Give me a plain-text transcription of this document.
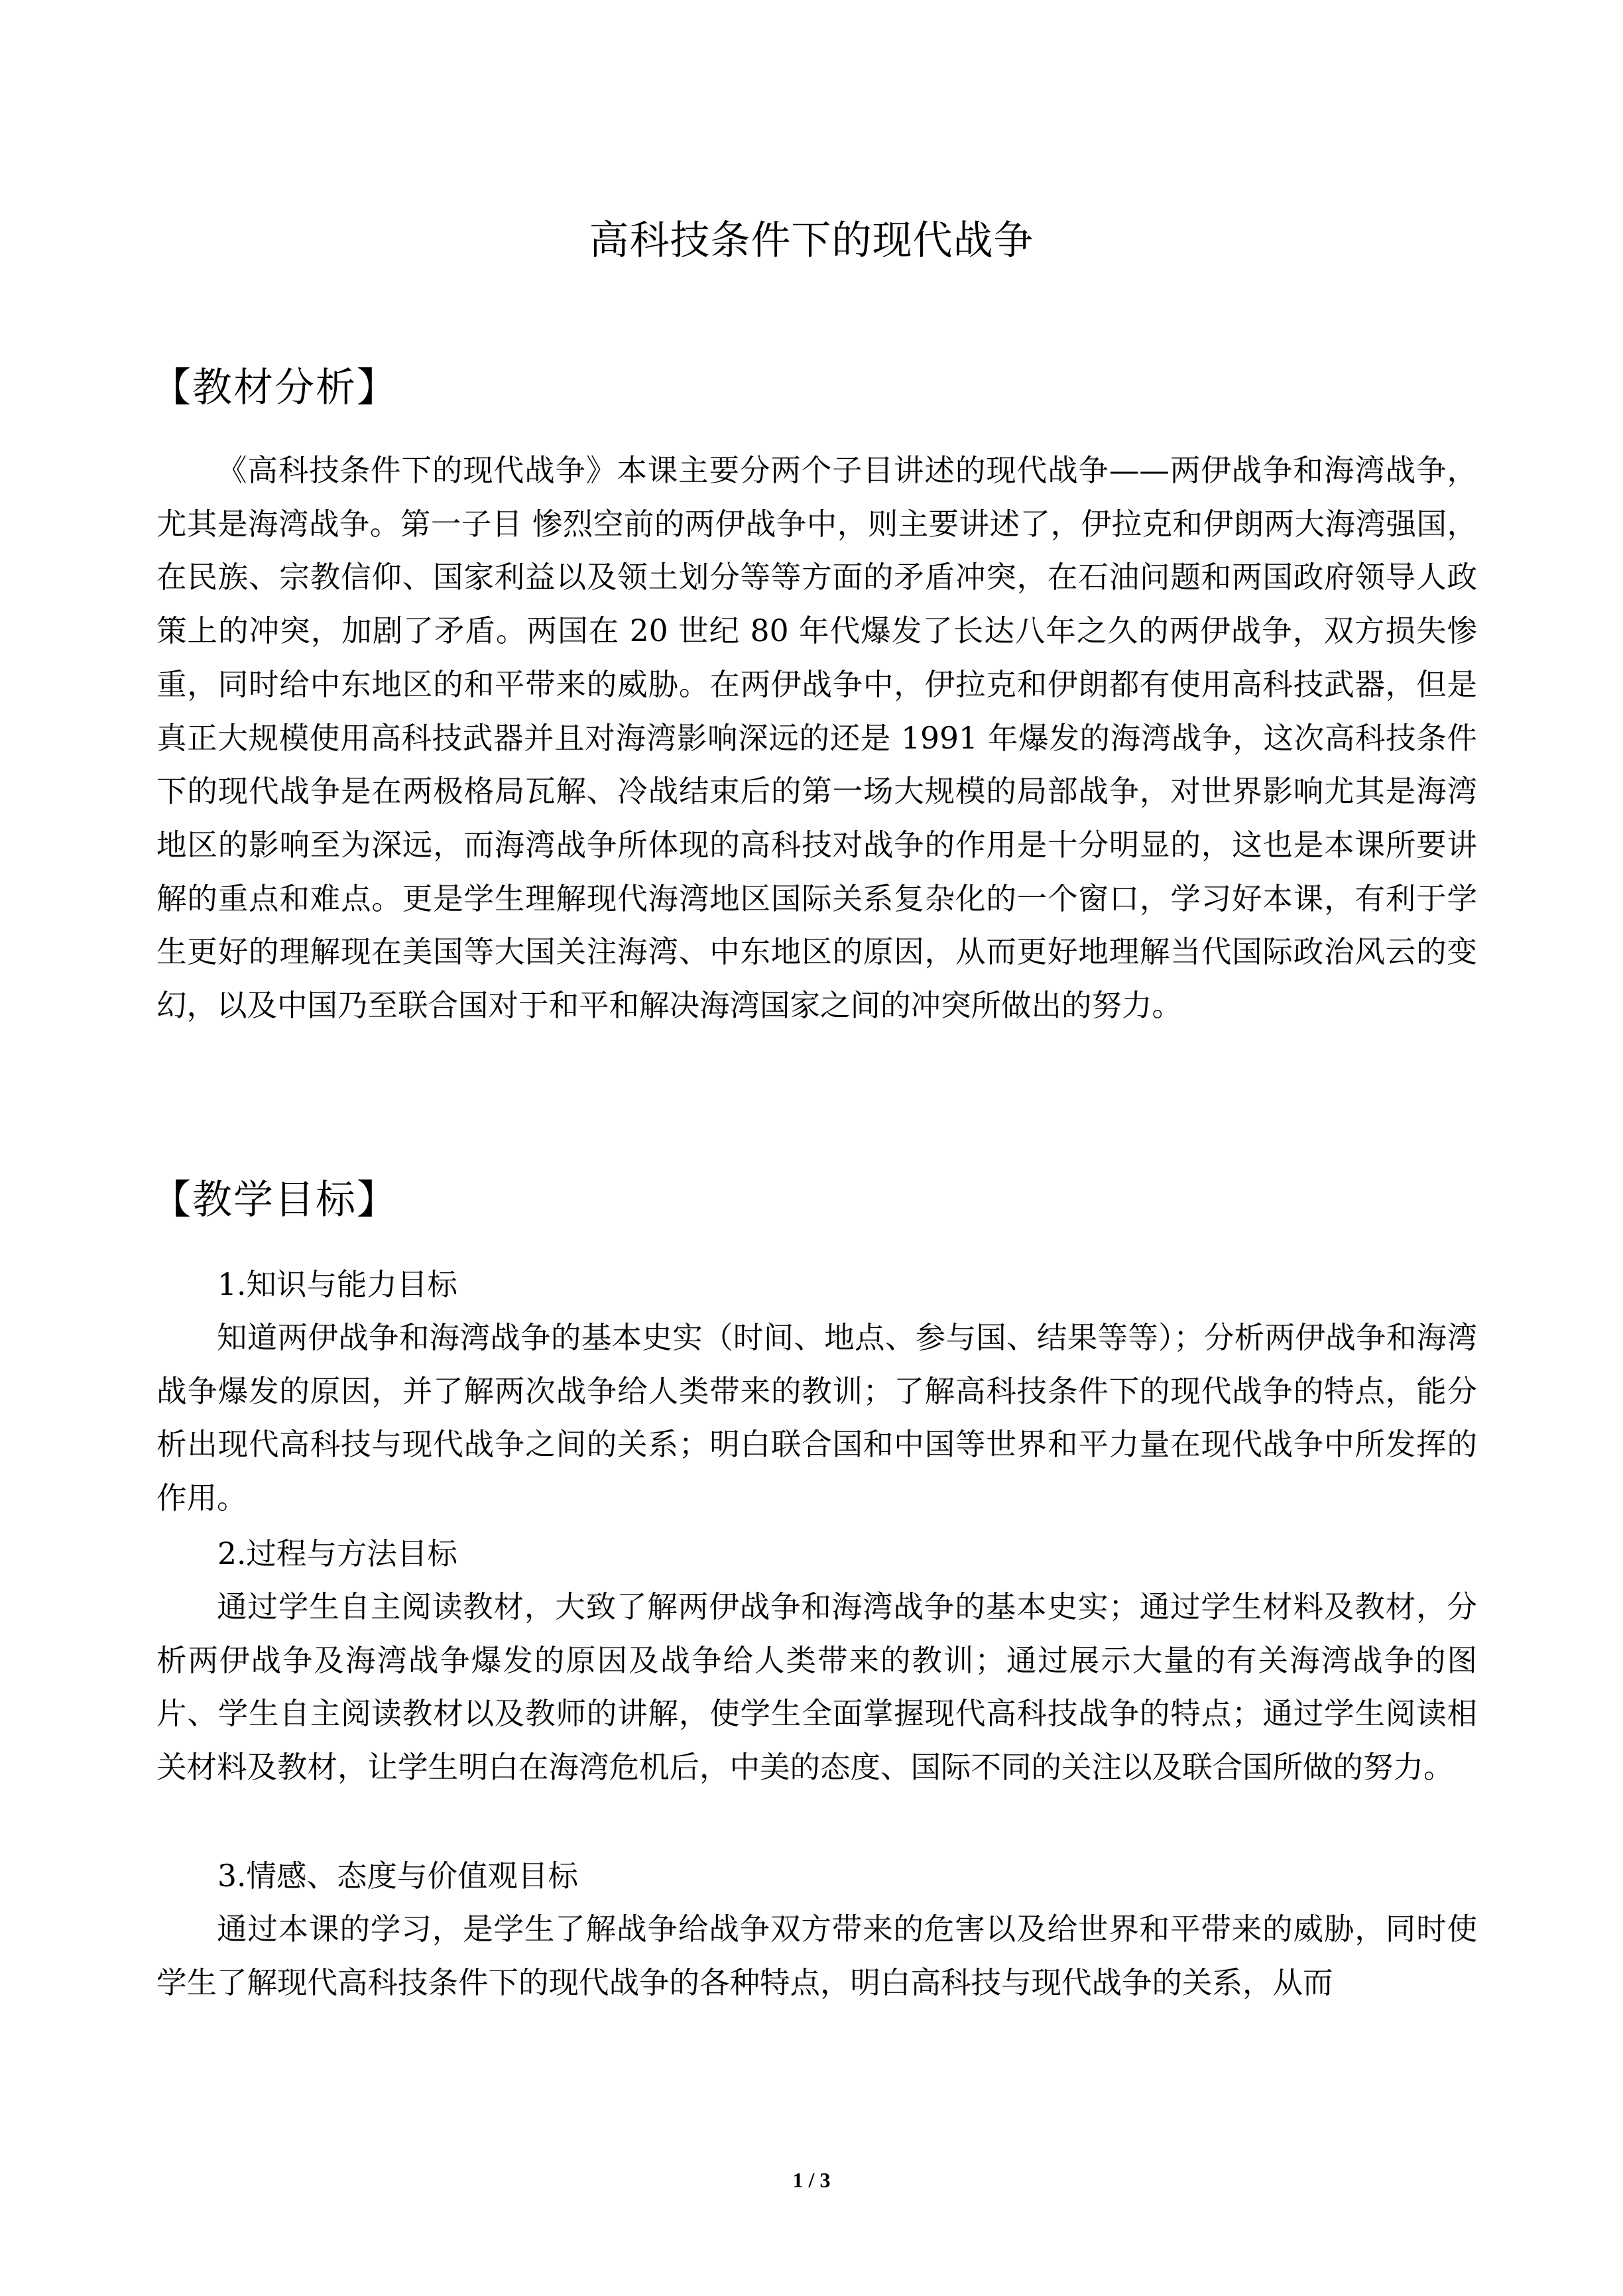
高科技条件下的现代战争
【教材分析】

《高科技条件下的现代战争》本课主要分两个子目讲述的现代战争——两伊战争和海湾战争，尤其是海湾战争。第一子目 惨烈空前的两伊战争中，则主要讲述了，伊拉克和伊朗两大海湾强国，在民族、宗教信仰、国家利益以及领土划分等等方面的矛盾冲突，在石油问题和两国政府领导人政策上的冲突，加剧了矛盾。两国在 20 世纪 80 年代爆发了长达八年之久的两伊战争，双方损失惨重，同时给中东地区的和平带来的威胁。在两伊战争中，伊拉克和伊朗都有使用高科技武器，但是真正大规模使用高科技武器并且对海湾影响深远的还是 1991 年爆发的海湾战争，这次高科技条件下的现代战争是在两极格局瓦解、冷战结束后的第一场大规模的局部战争，对世界影响尤其是海湾地区的影响至为深远，而海湾战争所体现的高科技对战争的作用是十分明显的，这也是本课所要讲解的重点和难点。更是学生理解现代海湾地区国际关系复杂化的一个窗口，学习好本课，有利于学生更好的理解现在美国等大国关注海湾、中东地区的原因，从而更好地理解当代国际政治风云的变幻，以及中国乃至联合国对于和平和解决海湾国家之间的冲突所做出的努力。

【教学目标】
1.知识与能力目标

知道两伊战争和海湾战争的基本史实（时间、地点、参与国、结果等等）；分析两伊战争和海湾战争爆发的原因，并了解两次战争给人类带来的教训；了解高科技条件下的现代战争的特点，能分析出现代高科技与现代战争之间的关系；明白联合国和中国等世界和平力量在现代战争中所发挥的作用。

2.过程与方法目标

通过学生自主阅读教材，大致了解两伊战争和海湾战争的基本史实；通过学生材料及教材，分析两伊战争及海湾战争爆发的原因及战争给人类带来的教训；通过展示大量的有关海湾战争的图片、学生自主阅读教材以及教师的讲解，使学生全面掌握现代高科技战争的特点；通过学生阅读相关材料及教材，让学生明白在海湾危机后，中美的态度、国际不同的关注以及联合国所做的努力。

3.情感、态度与价值观目标

通过本课的学习，是学生了解战争给战争双方带来的危害以及给世界和平带来的威胁，同时使学生了解现代高科技条件下的现代战争的各种特点，明白高科技与现代战争的关系，从而

1 / 3
